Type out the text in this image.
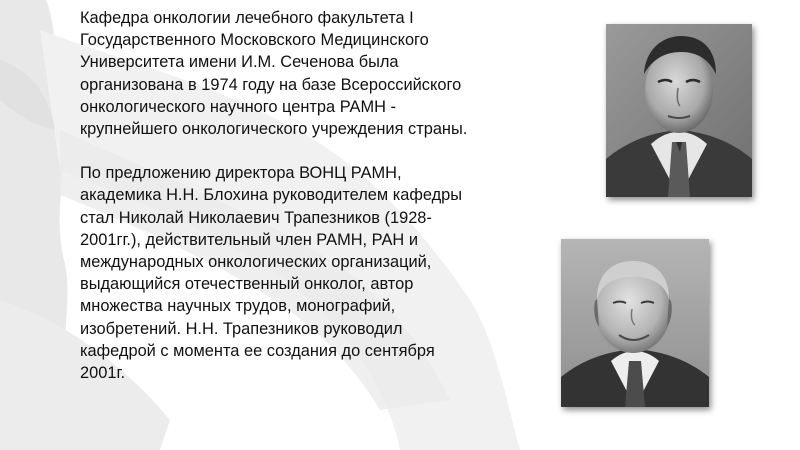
Кафедра онкологии лечебного факультета I Государственного Московского Медицинского Университета имени И.М. Сеченова была организована в 1974 году на базе Всероссийского онкологического научного центра РАМН - крупнейшего онкологического учреждения страны.

По предложению директора ВОНЦ РАМН, академика Н.Н. Блохина руководителем кафедры стал Николай Николаевич Трапезников (1928-2001гг.), действительный член РАМН, РАН и международных онкологических организаций, выдающийся отечественный онколог, автор множества научных трудов, монографий, изобретений. Н.Н. Трапезников руководил кафедрой с момента ее создания до сентября 2001г.
